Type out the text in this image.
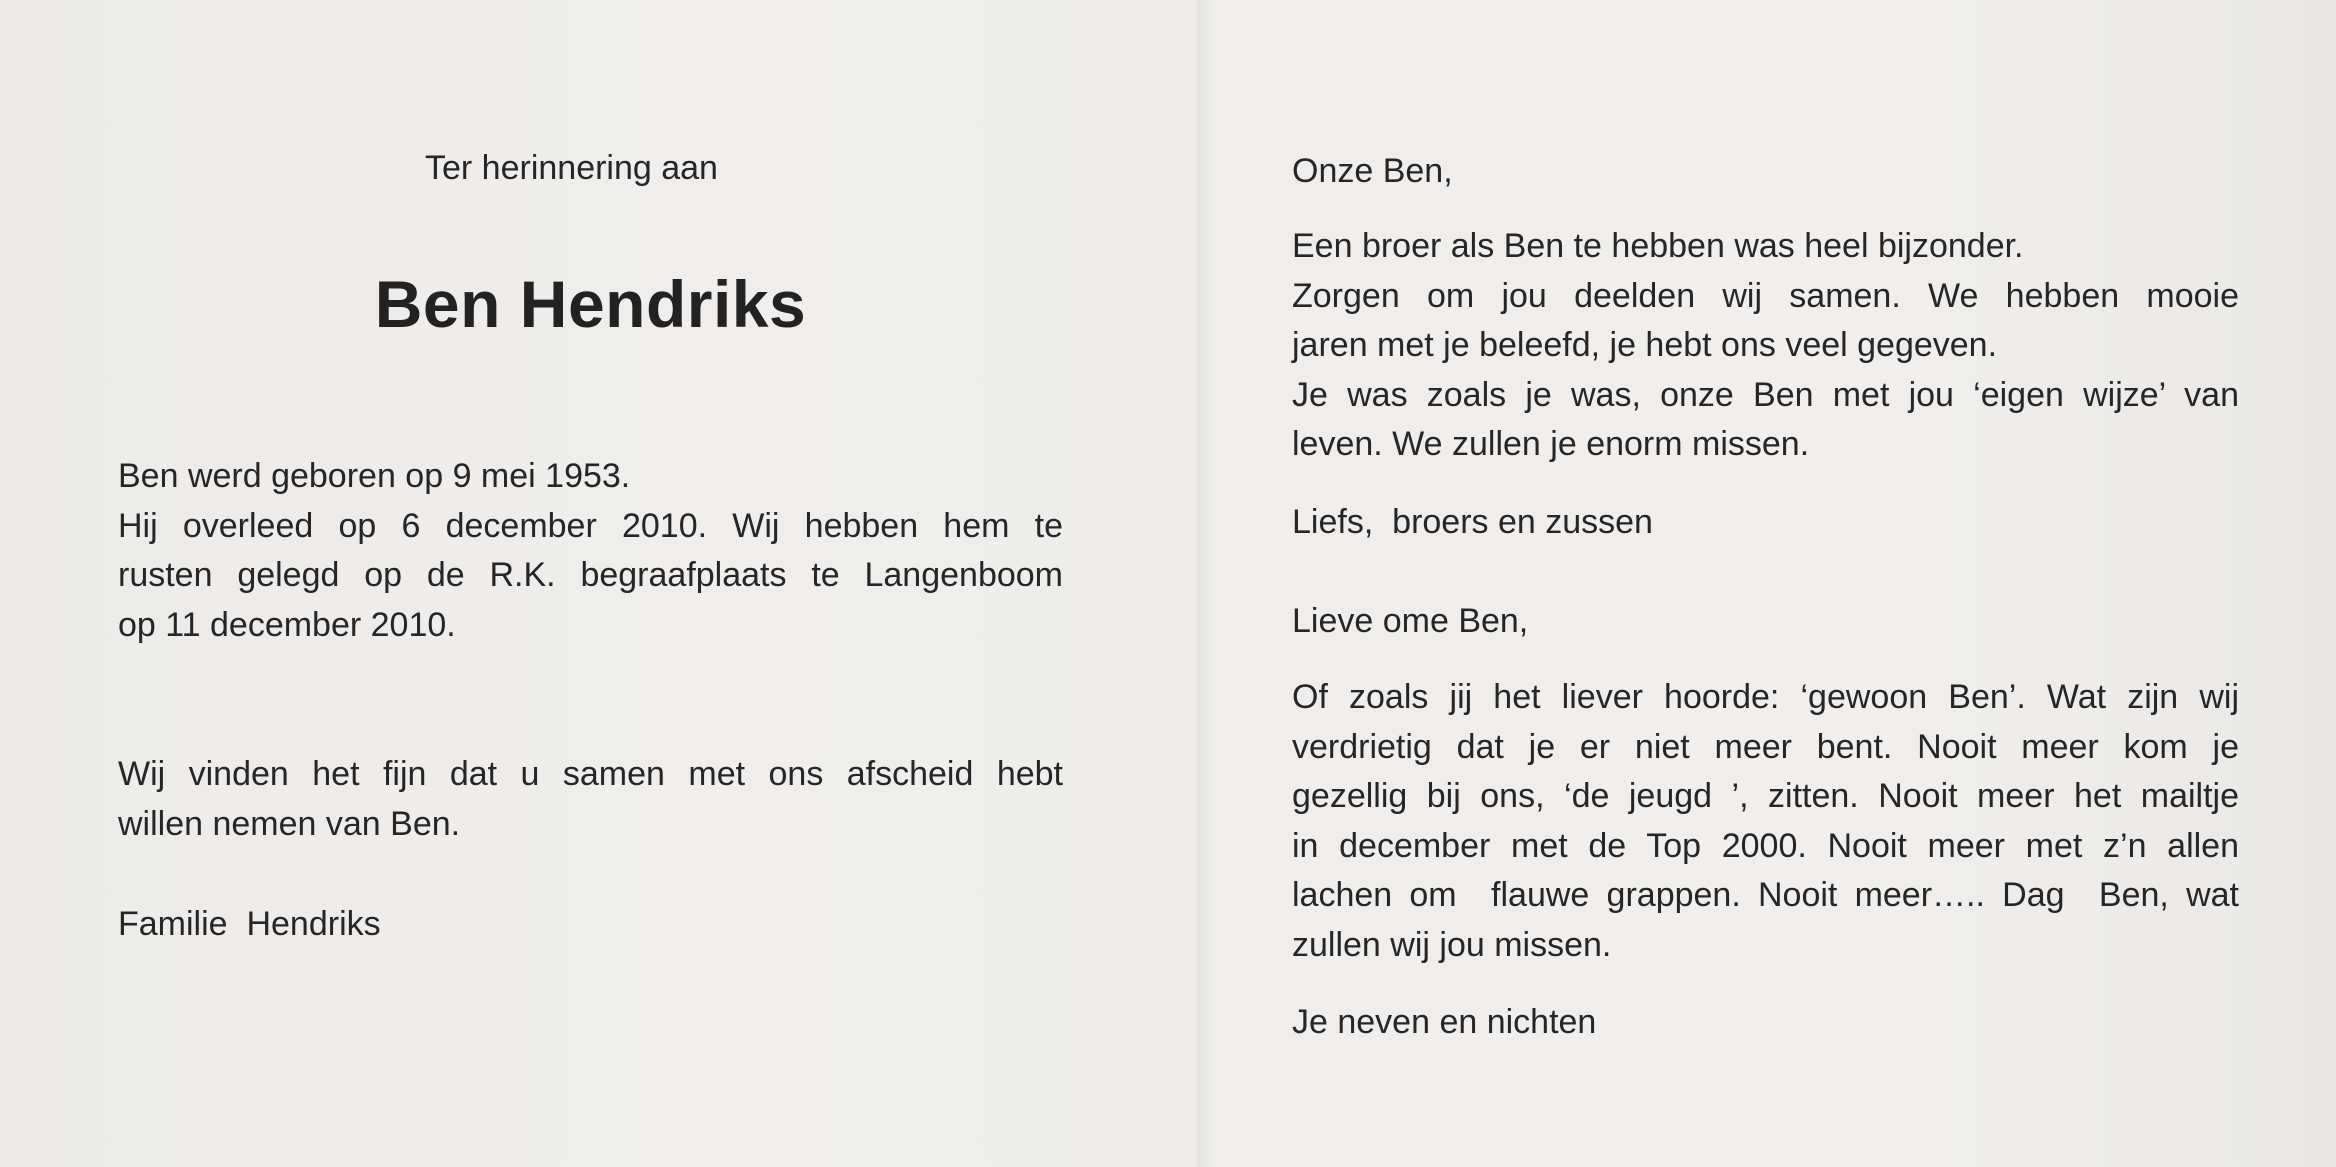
Ter herinnering aan
Ben Hendriks
Ben werd geboren op 9 mei 1953.
Hij overleed op 6 december 2010. Wij hebben hem te
rusten gelegd op de R.K. begraafplaats te Langenboom
op 11 december 2010.
Wij vinden het fijn dat u samen met ons afscheid hebt
willen nemen van Ben.
Familie  Hendriks
Onze Ben,
Een broer als Ben te hebben was heel bijzonder.
Zorgen om jou deelden wij samen. We hebben mooie
jaren met je beleefd, je hebt ons veel gegeven.
Je was zoals je was, onze Ben met jou ‘eigen wijze’ van
leven. We zullen je enorm missen.
Liefs,  broers en zussen
Lieve ome Ben,
Of zoals jij het liever hoorde: ‘gewoon Ben’. Wat zijn wij
verdrietig dat je er niet meer bent. Nooit meer kom je
gezellig bij ons, ‘de jeugd ’, zitten. Nooit meer het mailtje
in december met de Top 2000. Nooit meer met z’n allen
lachen om  flauwe grappen. Nooit meer….. Dag  Ben, wat
zullen wij jou missen.
Je neven en nichten
